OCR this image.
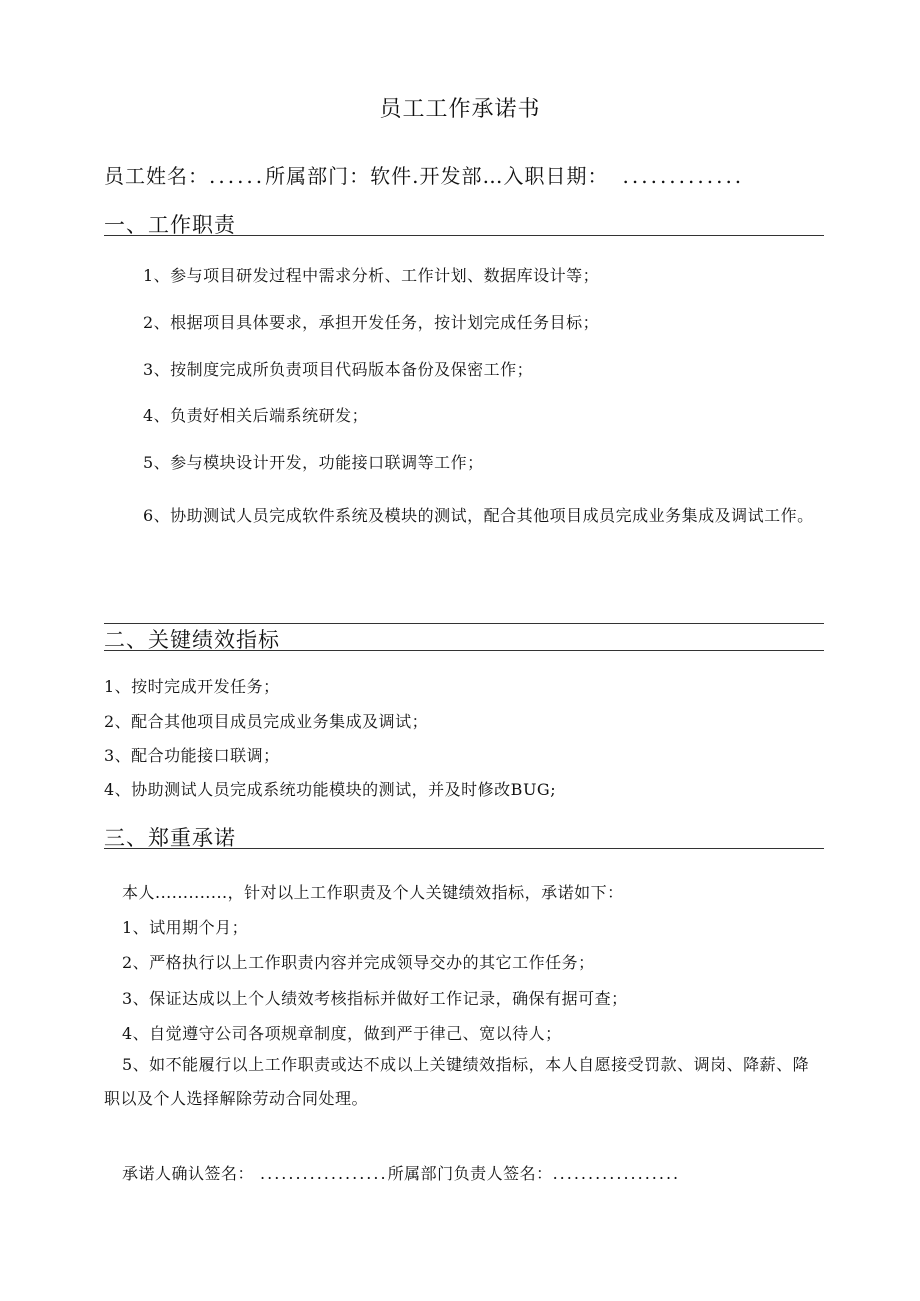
员工工作承诺书
员工姓名：......所属部门：软件.开发部…入职日期： .............
一、工作职责
1、参与项目研发过程中需求分析、工作计划、数据库设计等；
2、根据项目具体要求，承担开发任务，按计划完成任务目标；
3、按制度完成所负责项目代码版本备份及保密工作；
4、负责好相关后端系统研发；
5、参与模块设计开发，功能接口联调等工作；
6、协助测试人员完成软件系统及模块的测试，配合其他项目成员完成业务集成及调试工作。
二、关键绩效指标
1、按时完成开发任务；
2、配合其他项目成员完成业务集成及调试；
3、配合功能接口联调；
4、协助测试人员完成系统功能模块的测试，并及时修改BUG;
三、郑重承诺
本人.............，针对以上工作职责及个人关键绩效指标，承诺如下：
1、试用期个月；
2、严格执行以上工作职责内容并完成领导交办的其它工作任务；
3、保证达成以上个人绩效考核指标并做好工作记录，确保有据可查；
4、自觉遵守公司各项规章制度，做到严于律己、宽以待人；
5、如不能履行以上工作职责或达不成以上关键绩效指标，本人自愿接受罚款、调岗、降薪、降职以及个人选择解除劳动合同处理。
承诺人确认签名： ..................所属部门负责人签名：..................
